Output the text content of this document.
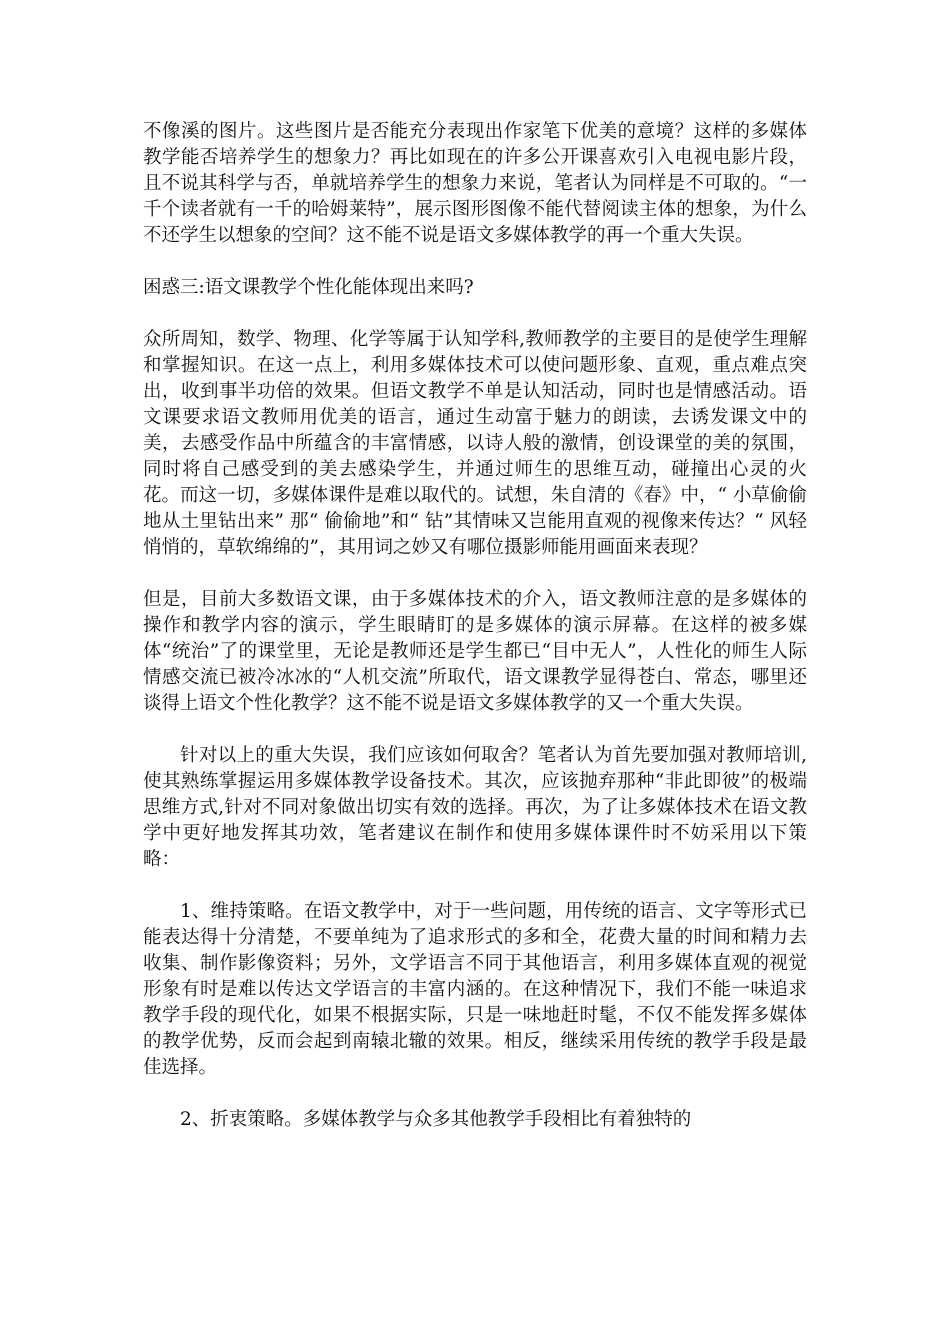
不像溪的图片。这些图片是否能充分表现出作家笔下优美的意境？这样的多媒体教学能否培养学生的想象力？再比如现在的许多公开课喜欢引入电视电影片段，且不说其科学与否，单就培养学生的想象力来说，笔者认为同样是不可取的。“一千个读者就有一千的哈姆莱特”，展示图形图像不能代替阅读主体的想象，为什么不还学生以想象的空间？这不能不说是语文多媒体教学的再一个重大失误。

困惑三:语文课教学个性化能体现出来吗?

众所周知，数学、物理、化学等属于认知学科,教师教学的主要目的是使学生理解和掌握知识。在这一点上，利用多媒体技术可以使问题形象、直观，重点难点突出，收到事半功倍的效果。但语文教学不单是认知活动，同时也是情感活动。语文课要求语文教师用优美的语言，通过生动富于魅力的朗读，去诱发课文中的美，去感受作品中所蕴含的丰富情感，以诗人般的激情，创设课堂的美的氛围，同时将自己感受到的美去感染学生，并通过师生的思维互动，碰撞出心灵的火花。而这一切，多媒体课件是难以取代的。试想，朱自清的《春》中，“ 小草偷偷地从土里钻出来” 那“ 偷偷地”和“ 钻”其情味又岂能用直观的视像来传达？“ 风轻悄悄的，草软绵绵的”，其用词之妙又有哪位摄影师能用画面来表现？

但是，目前大多数语文课，由于多媒体技术的介入，语文教师注意的是多媒体的操作和教学内容的演示，学生眼睛盯的是多媒体的演示屏幕。在这样的被多媒体“统治”了的课堂里，无论是教师还是学生都已“目中无人”，人性化的师生人际情感交流已被冷冰冰的“人机交流”所取代，语文课教学显得苍白、常态，哪里还谈得上语文个性化教学？这不能不说是语文多媒体教学的又一个重大失误。

针对以上的重大失误，我们应该如何取舍？笔者认为首先要加强对教师培训,使其熟练掌握运用多媒体教学设备技术。其次，应该抛弃那种“非此即彼”的极端思维方式,针对不同对象做出切实有效的选择。再次，为了让多媒体技术在语文教学中更好地发挥其功效，笔者建议在制作和使用多媒体课件时不妨采用以下策略：

1、维持策略。在语文教学中，对于一些问题，用传统的语言、文字等形式已能表达得十分清楚，不要单纯为了追求形式的多和全，花费大量的时间和精力去收集、制作影像资料；另外，文学语言不同于其他语言，利用多媒体直观的视觉形象有时是难以传达文学语言的丰富内涵的。在这种情况下，我们不能一味追求教学手段的现代化，如果不根据实际，只是一味地赶时髦，不仅不能发挥多媒体的教学优势，反而会起到南辕北辙的效果。相反，继续采用传统的教学手段是最佳选择。

2、折衷策略。多媒体教学与众多其他教学手段相比有着独特的
